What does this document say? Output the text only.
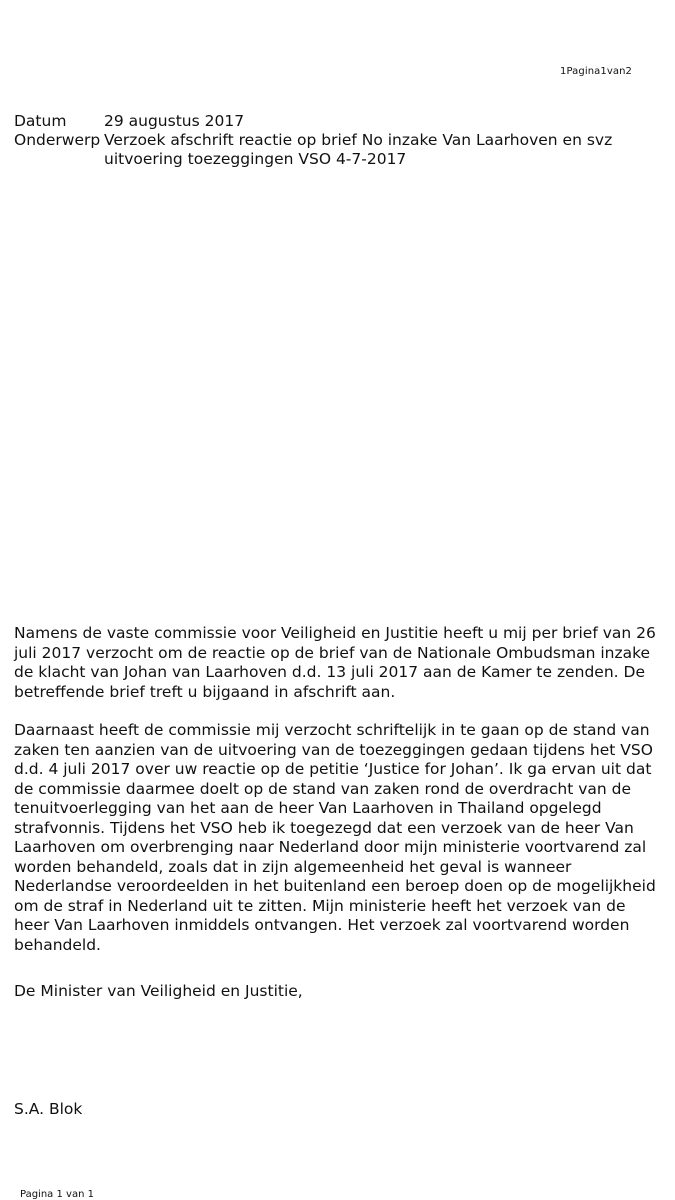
1Pagina1van2
Datum	29 augustus 2017
Onderwerp Verzoek afschrift reactie op brief No inzake Van Laarhoven en svz uitvoering toezeggingen VSO 4-7-2017

Namens de vaste commissie voor Veiligheid en Justitie heeft u mij per brief van 26 juli 2017 verzocht om de reactie op de brief van de Nationale Ombudsman inzake de klacht van Johan van Laarhoven d.d. 13 juli 2017 aan de Kamer te zenden. De betreffende brief treft u bijgaand in afschrift aan.

Daarnaast heeft de commissie mij verzocht schriftelijk in te gaan op de stand van zaken ten aanzien van de uitvoering van de toezeggingen gedaan tijdens het VSO d.d. 4 juli 2017 over uw reactie op de petitie ‘Justice for Johan’. Ik ga ervan uit dat de commissie daarmee doelt op de stand van zaken rond de overdracht van de tenuitvoerlegging van het aan de heer Van Laarhoven in Thailand opgelegd strafvonnis. Tijdens het VSO heb ik toegezegd dat een verzoek van de heer Van Laarhoven om overbrenging naar Nederland door mijn ministerie voortvarend zal worden behandeld, zoals dat in zijn algemeenheid het geval is wanneer Nederlandse veroordeelden in het buitenland een beroep doen op de mogelijkheid om de straf in Nederland uit te zitten. Mijn ministerie heeft het verzoek van de heer Van Laarhoven inmiddels ontvangen. Het verzoek zal voortvarend worden behandeld.

De Minister van Veiligheid en Justitie,
S.A. Blok
Pagina 1 van 1
